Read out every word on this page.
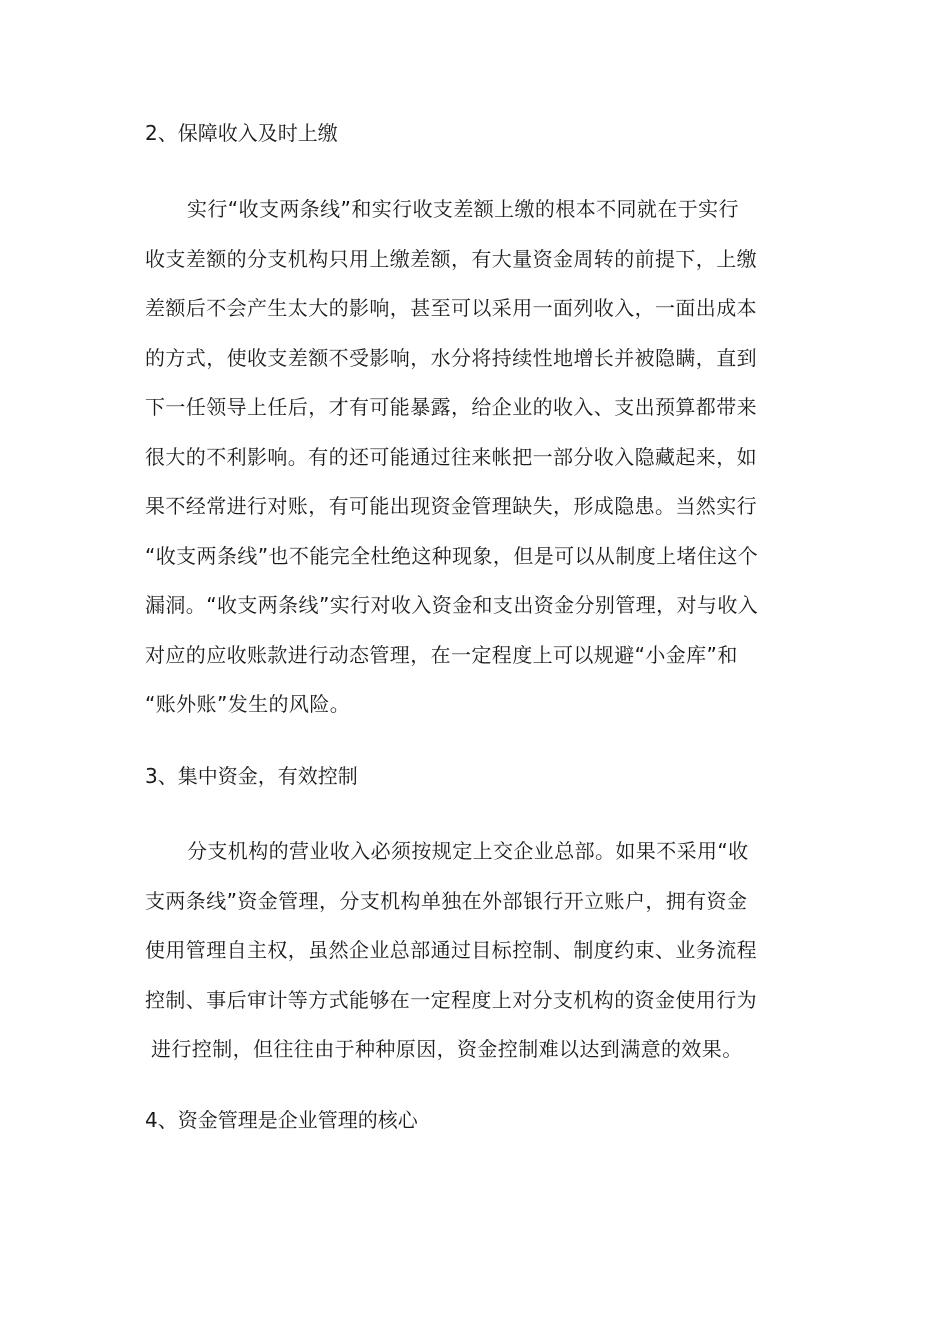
2、保障收入及时上缴
实行“收支两条线”和实行收支差额上缴的根本不同就在于实行
收支差额的分支机构只用上缴差额，有大量资金周转的前提下，上缴
差额后不会产生太大的影响，甚至可以采用一面列收入，一面出成本
的方式，使收支差额不受影响，水分将持续性地增长并被隐瞒，直到
下一任领导上任后，才有可能暴露，给企业的收入、支出预算都带来
很大的不利影响。有的还可能通过往来帐把一部分收入隐藏起来，如
果不经常进行对账，有可能出现资金管理缺失，形成隐患。当然实行
“收支两条线”也不能完全杜绝这种现象，但是可以从制度上堵住这个
漏洞。“收支两条线”实行对收入资金和支出资金分别管理，对与收入
对应的应收账款进行动态管理，在一定程度上可以规避“小金库”和
“账外账”发生的风险。
3、集中资金，有效控制
分支机构的营业收入必须按规定上交企业总部。如果不采用“收
支两条线”资金管理，分支机构单独在外部银行开立账户，拥有资金
使用管理自主权，虽然企业总部通过目标控制、制度约束、业务流程
控制、事后审计等方式能够在一定程度上对分支机构的资金使用行为
进行控制，但往往由于种种原因，资金控制难以达到满意的效果。
4、资金管理是企业管理的核心
